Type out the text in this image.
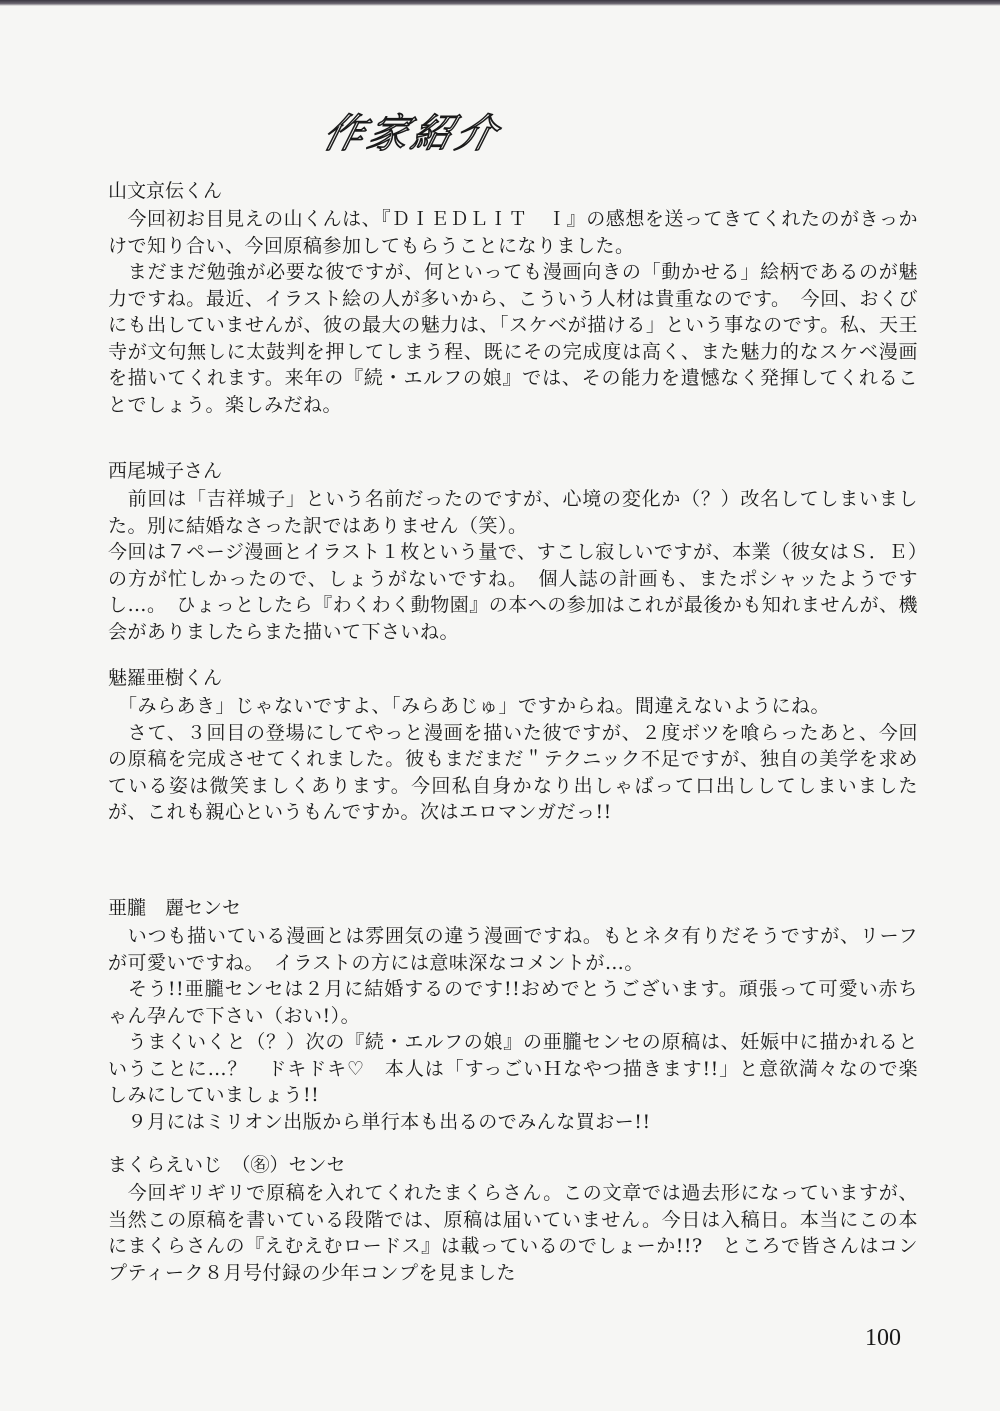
作家紹介
山文京伝くん

　今回初お目見えの山くんは、『ＤＩＥＤＬＩＴ　Ｉ』の感想を送ってきてくれたのがきっかけで知り合い、今回原稿参加してもらうことになりました。

　まだまだ勉強が必要な彼ですが、何といっても漫画向きの「動かせる」絵柄であるのが魅力ですね。最近、イラスト絵の人が多いから、こういう人材は貴重なのです。　今回、おくびにも出していませんが、彼の最大の魅力は、「スケベが描ける」という事なのです。私、天王寺が文句無しに太鼓判を押してしまう程、既にその完成度は高く、また魅力的なスケベ漫画を描いてくれます。来年の『続・エルフの娘』では、その能力を遺憾なく発揮してくれることでしょう。楽しみだね。

西尾城子さん

　前回は「吉祥城子」という名前だったのですが、心境の変化か（？）改名してしまいました。別に結婚なさった訳ではありません（笑）。

今回は７ページ漫画とイラスト１枚という量で、すこし寂しいですが、本業（彼女はＳ．Ｅ）の方が忙しかったので、しょうがないですね。　個人誌の計画も、またポシャッたようですし…。　ひょっとしたら『わくわく動物園』の本への参加はこれが最後かも知れませんが、機会がありましたらまた描いて下さいね。

魅羅亜樹くん

　「みらあき」じゃないですよ、「みらあじゅ」ですからね。間違えないようにね。

　さて、３回目の登場にしてやっと漫画を描いた彼ですが、２度ボツを喰らったあと、今回の原稿を完成させてくれました。彼もまだまだ＂テクニック不足ですが、独自の美学を求めている姿は微笑ましくあります。今回私自身かなり出しゃばって口出ししてしまいましたが、これも親心というもんですか。次はエロマンガだっ!!

亜朧　麗センセ

　いつも描いている漫画とは雰囲気の違う漫画ですね。もとネタ有りだそうですが、リーフが可愛いですね。　イラストの方には意味深なコメントが…。

　そう!!亜朧センセは２月に結婚するのです!!おめでとうございます。頑張って可愛い赤ちゃん孕んで下さい（おい!）。

　うまくいくと（？）次の『続・エルフの娘』の亜朧センセの原稿は、妊娠中に描かれるということに…？　ドキドキ♡　本人は「すっごいＨなやつ描きます!!」と意欲満々なので楽しみにしていましょう!!

　９月にはミリオン出版から単行本も出るのでみんな買おー!!

まくらえいじ　（㊔）センセ

　今回ギリギリで原稿を入れてくれたまくらさん。この文章では過去形になっていますが、当然この原稿を書いている段階では、原稿は届いていません。今日は入稿日。本当にこの本にまくらさんの『えむえむロードス』は載っているのでしょーか!!?　ところで皆さんはコンプティーク８月号付録の少年コンプを見ました

100
